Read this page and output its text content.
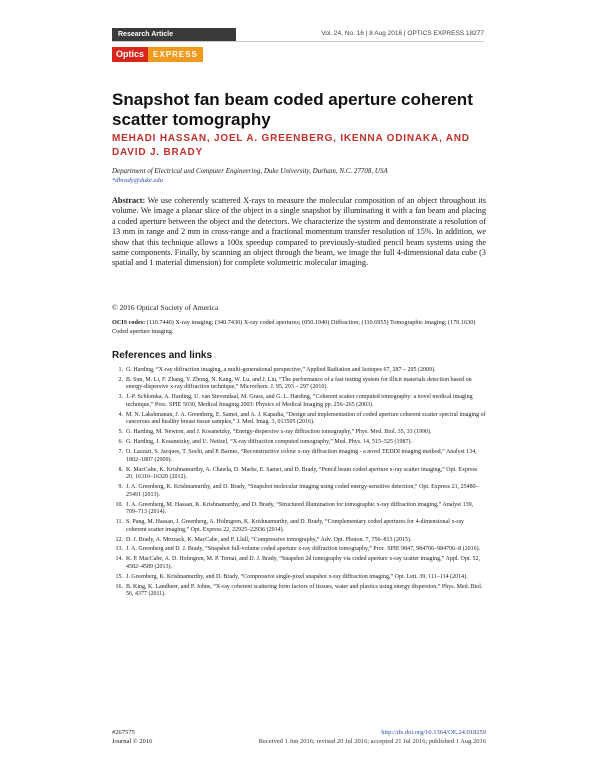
Research Article	Vol. 24, No. 16 | 8 Aug 2016 | OPTICS EXPRESS 18277
Optics	EXPRESS
Snapshot fan beam coded aperture coherent scatter tomography
MEHADI HASSAN, JOEL A. GREENBERG, IKENNA ODINAKA, AND DAVID J. BRADY
Department of Electrical and Computer Engineering, Duke University, Durham, N.C. 27708, USA
*dbrady@duke.edu
Abstract: We use coherently scattered X-rays to measure the molecular composition of an object throughout its volume. We image a planar slice of the object in a single snapshot by illuminating it with a fan beam and placing a coded aperture between the object and the detectors. We characterize the system and demonstrate a resolution of 13 mm in range and 2 mm in cross-range and a fractional momentum transfer resolution of 15%. In addition, we show that this technique allows a 100x speedup compared to previously-studied pencil beam systems using the same components. Finally, by scanning an object through the beam, we image the full 4-dimensional data cube (3 spatial and 1 material dimension) for complete volumetric molecular imaging.
© 2016 Optical Society of America
OCIS codes: (110.7440) X-ray imaging; (340.7430) X-ray coded apertures; (050.1940) Diffraction; (110.6955) Tomographic imaging; (170.1630) Coded aperture imaging.
References and links
1. G. Harding, “X-ray diffraction imaging, a multi-generational perspective,” Applied Radiation and Isotopes 67, 287 – 295 (2009).
2. B. Sun, M. Li, F. Zhang, Y. Zhong, N. Kang, W. Lu, and J. Liu, “The performance of a fast testing system for illicit materials detection based on energy-dispersive x-ray diffraction technique,” Microchem. J. 95, 293 – 297 (2010).
3. J.-P. Schlomka, A. Harding, U. van Stevendaal, M. Grass, and G. L. Harding, “Coherent scatter computed tomography: a novel medical imaging technique,” Proc. SPIE 5030, Medical Imaging 2003: Physics of Medical Imaging pp. 256–265 (2003).
4. M. N. Lakshmanan, J. A. Greenberg, E. Samei, and A. J. Kapadia, “Design and implementation of coded aperture coherent scatter spectral imaging of cancerous and healthy breast tissue samples,” J. Med. Imag. 3, 013505 (2016).
5. G. Harding, M. Newton, and J. Kosanetzky, “Energy-dispersive x-ray diffraction tomography,” Phys. Med. Biol. 35, 33 (1990).
6. G. Harding, J. Kosanetzky, and U. Neitzel, “X-ray diffraction computed tomography,” Med. Phys. 14, 515–525 (1987).
7. O. Lazzari, S. Jacques, T. Sochi, and P. Barnes, “Reconstructive colour x-ray diffraction imaging - a novel TEDDI imaging method,” Analyst 134, 1802–1807 (2009).
8. K. MacCabe, K. Krishnamurthy, A. Chawla, D. Marks, E. Samei, and D. Brady, “Pencil beam coded aperture x-ray scatter imaging,” Opt. Express 20, 16310–16320 (2012).
9. J. A. Greenberg, K. Krishnamurthy, and D. Brady, “Snapshot molecular imaging using coded energy-sensitive detection,” Opt. Express 21, 25480–25491 (2013).
10. J. A. Greenberg, M. Hassan, K. Krishnamurthy, and D. Brady, “Structured illumination for tomographic x-ray diffraction imaging,” Analyst 139, 709–713 (2014).
11. S. Pang, M. Hassan, J. Greenberg, A. Holmgren, K. Krishnamurthy, and D. Brady, “Complementary coded apertures for 4-dimensional x-ray coherent scatter imaging,” Opt. Express 22, 22925–22936 (2014).
12. D. J. Brady, A. Mrozack, K. MacCabe, and P. Llull, “Compressive tomography,” Adv. Opt. Photon. 7, 756–813 (2015).
13. J. A. Greenberg and D. J. Brady, “Snapshot full-volume coded aperture x-ray diffraction tomography,” Proc. SPIE 9847, 984706–984706–8 (2016).
14. K. P. MacCabe, A. D. Holmgren, M. P. Tornai, and D. J. Brady, “Snapshot 2d tomography via coded aperture x-ray scatter imaging,” Appl. Opt. 52, 4582–4589 (2013).
15. J. Greenberg, K. Krishnamurthy, and D. Brady, “Compressive single-pixel snapshot x-ray diffraction imaging,” Opt. Lett. 39, 111–114 (2014).
16. B. King, K. Landheer, and P. Johns, “X-ray coherent scattering form factors of tissues, water and plastics using energy dispersion,” Phys. Med. Biol. 56, 4377 (2011).
#267575
Journal © 2016
http://dx.doi.org/10.1364/OE.24.018259
Received 1 Jun 2016; revised 20 Jul 2016; accepted 21 Jul 2016; published 1 Aug 2016
